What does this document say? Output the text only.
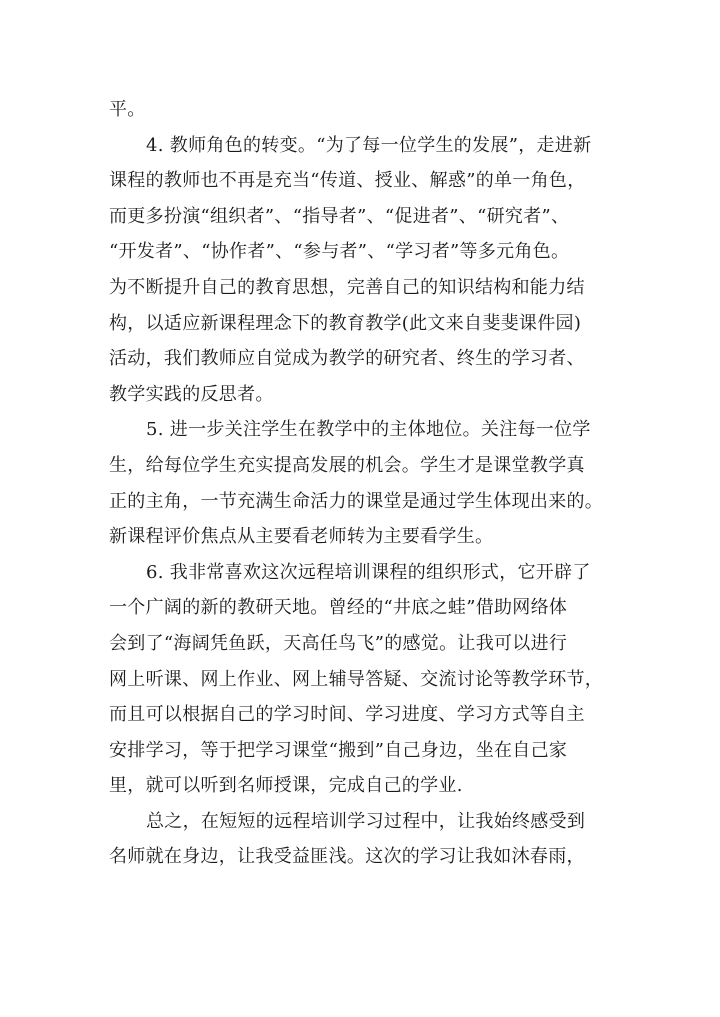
平。
4. 教师角色的转变。“为了每一位学生的发展”，走进新
课程的教师也不再是充当“传道、授业、解惑”的单一角色，
而更多扮演“组织者”、“指导者”、“促进者”、“研究者”、
“开发者”、“协作者”、“参与者”、“学习者”等多元角色。
为不断提升自己的教育思想，完善自己的知识结构和能力结
构，以适应新课程理念下的教育教学(此文来自斐斐课件园)
活动，我们教师应自觉成为教学的研究者、终生的学习者、
教学实践的反思者。
5. 进一步关注学生在教学中的主体地位。关注每一位学
生，给每位学生充实提高发展的机会。学生才是课堂教学真
正的主角，一节充满生命活力的课堂是通过学生体现出来的。
新课程评价焦点从主要看老师转为主要看学生。
6. 我非常喜欢这次远程培训课程的组织形式，它开辟了
一个广阔的新的教研天地。曾经的“井底之蛙”借助网络体
会到了“海阔凭鱼跃，天高任鸟飞”的感觉。让我可以进行
网上听课、网上作业、网上辅导答疑、交流讨论等教学环节，
而且可以根据自己的学习时间、学习进度、学习方式等自主
安排学习，等于把学习课堂“搬到”自己身边，坐在自己家
里，就可以听到名师授课，完成自己的学业.
总之，在短短的远程培训学习过程中，让我始终感受到
名师就在身边，让我受益匪浅。这次的学习让我如沐春雨，
